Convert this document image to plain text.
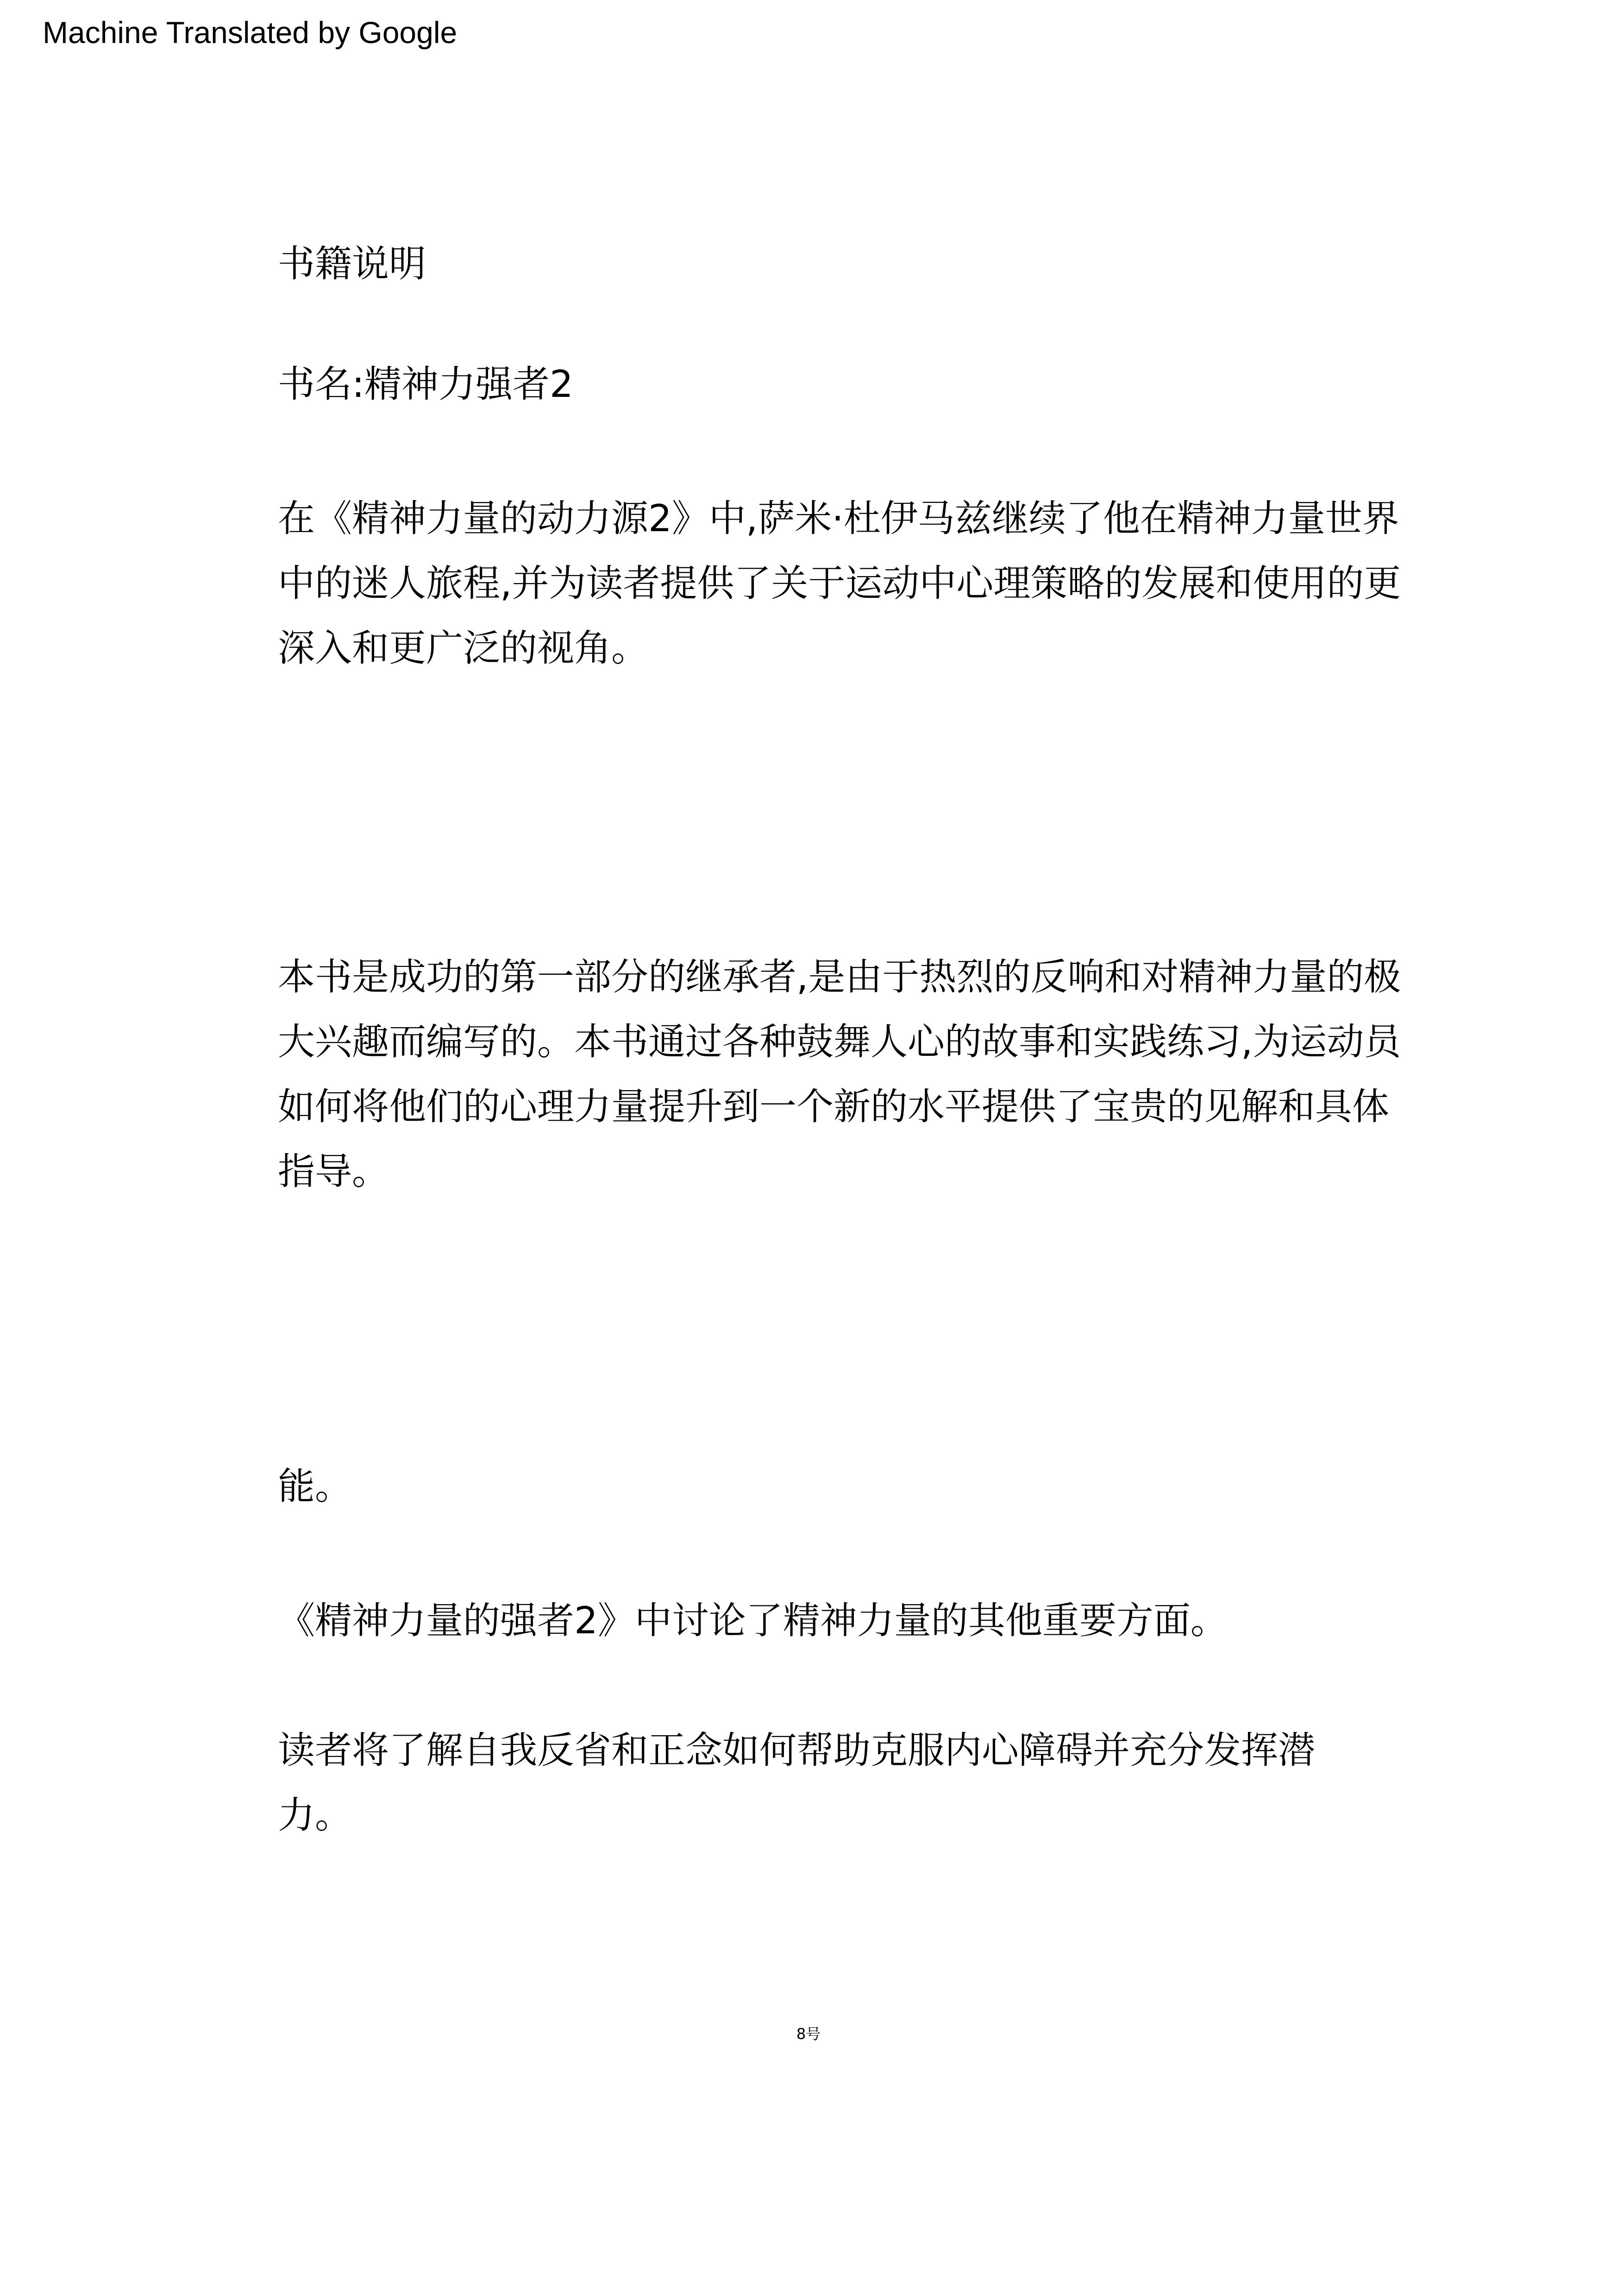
Machine Translated by Google

书籍说明

书名:精神力强者2

在《精神力量的动力源2》中,萨米·杜伊马兹继续了他在精神力量世界
中的迷人旅程,并为读者提供了关于运动中心理策略的发展和使用的更
深入和更广泛的视角。

本书是成功的第一部分的继承者,是由于热烈的反响和对精神力量的极
大兴趣而编写的。本书通过各种鼓舞人心的故事和实践练习,为运动员
如何将他们的心理力量提升到一个新的水平提供了宝贵的见解和具体
指导。

能。

《精神力量的强者2》中讨论了精神力量的其他重要方面。

读者将了解自我反省和正念如何帮助克服内心障碍并充分发挥潜力。

8号
